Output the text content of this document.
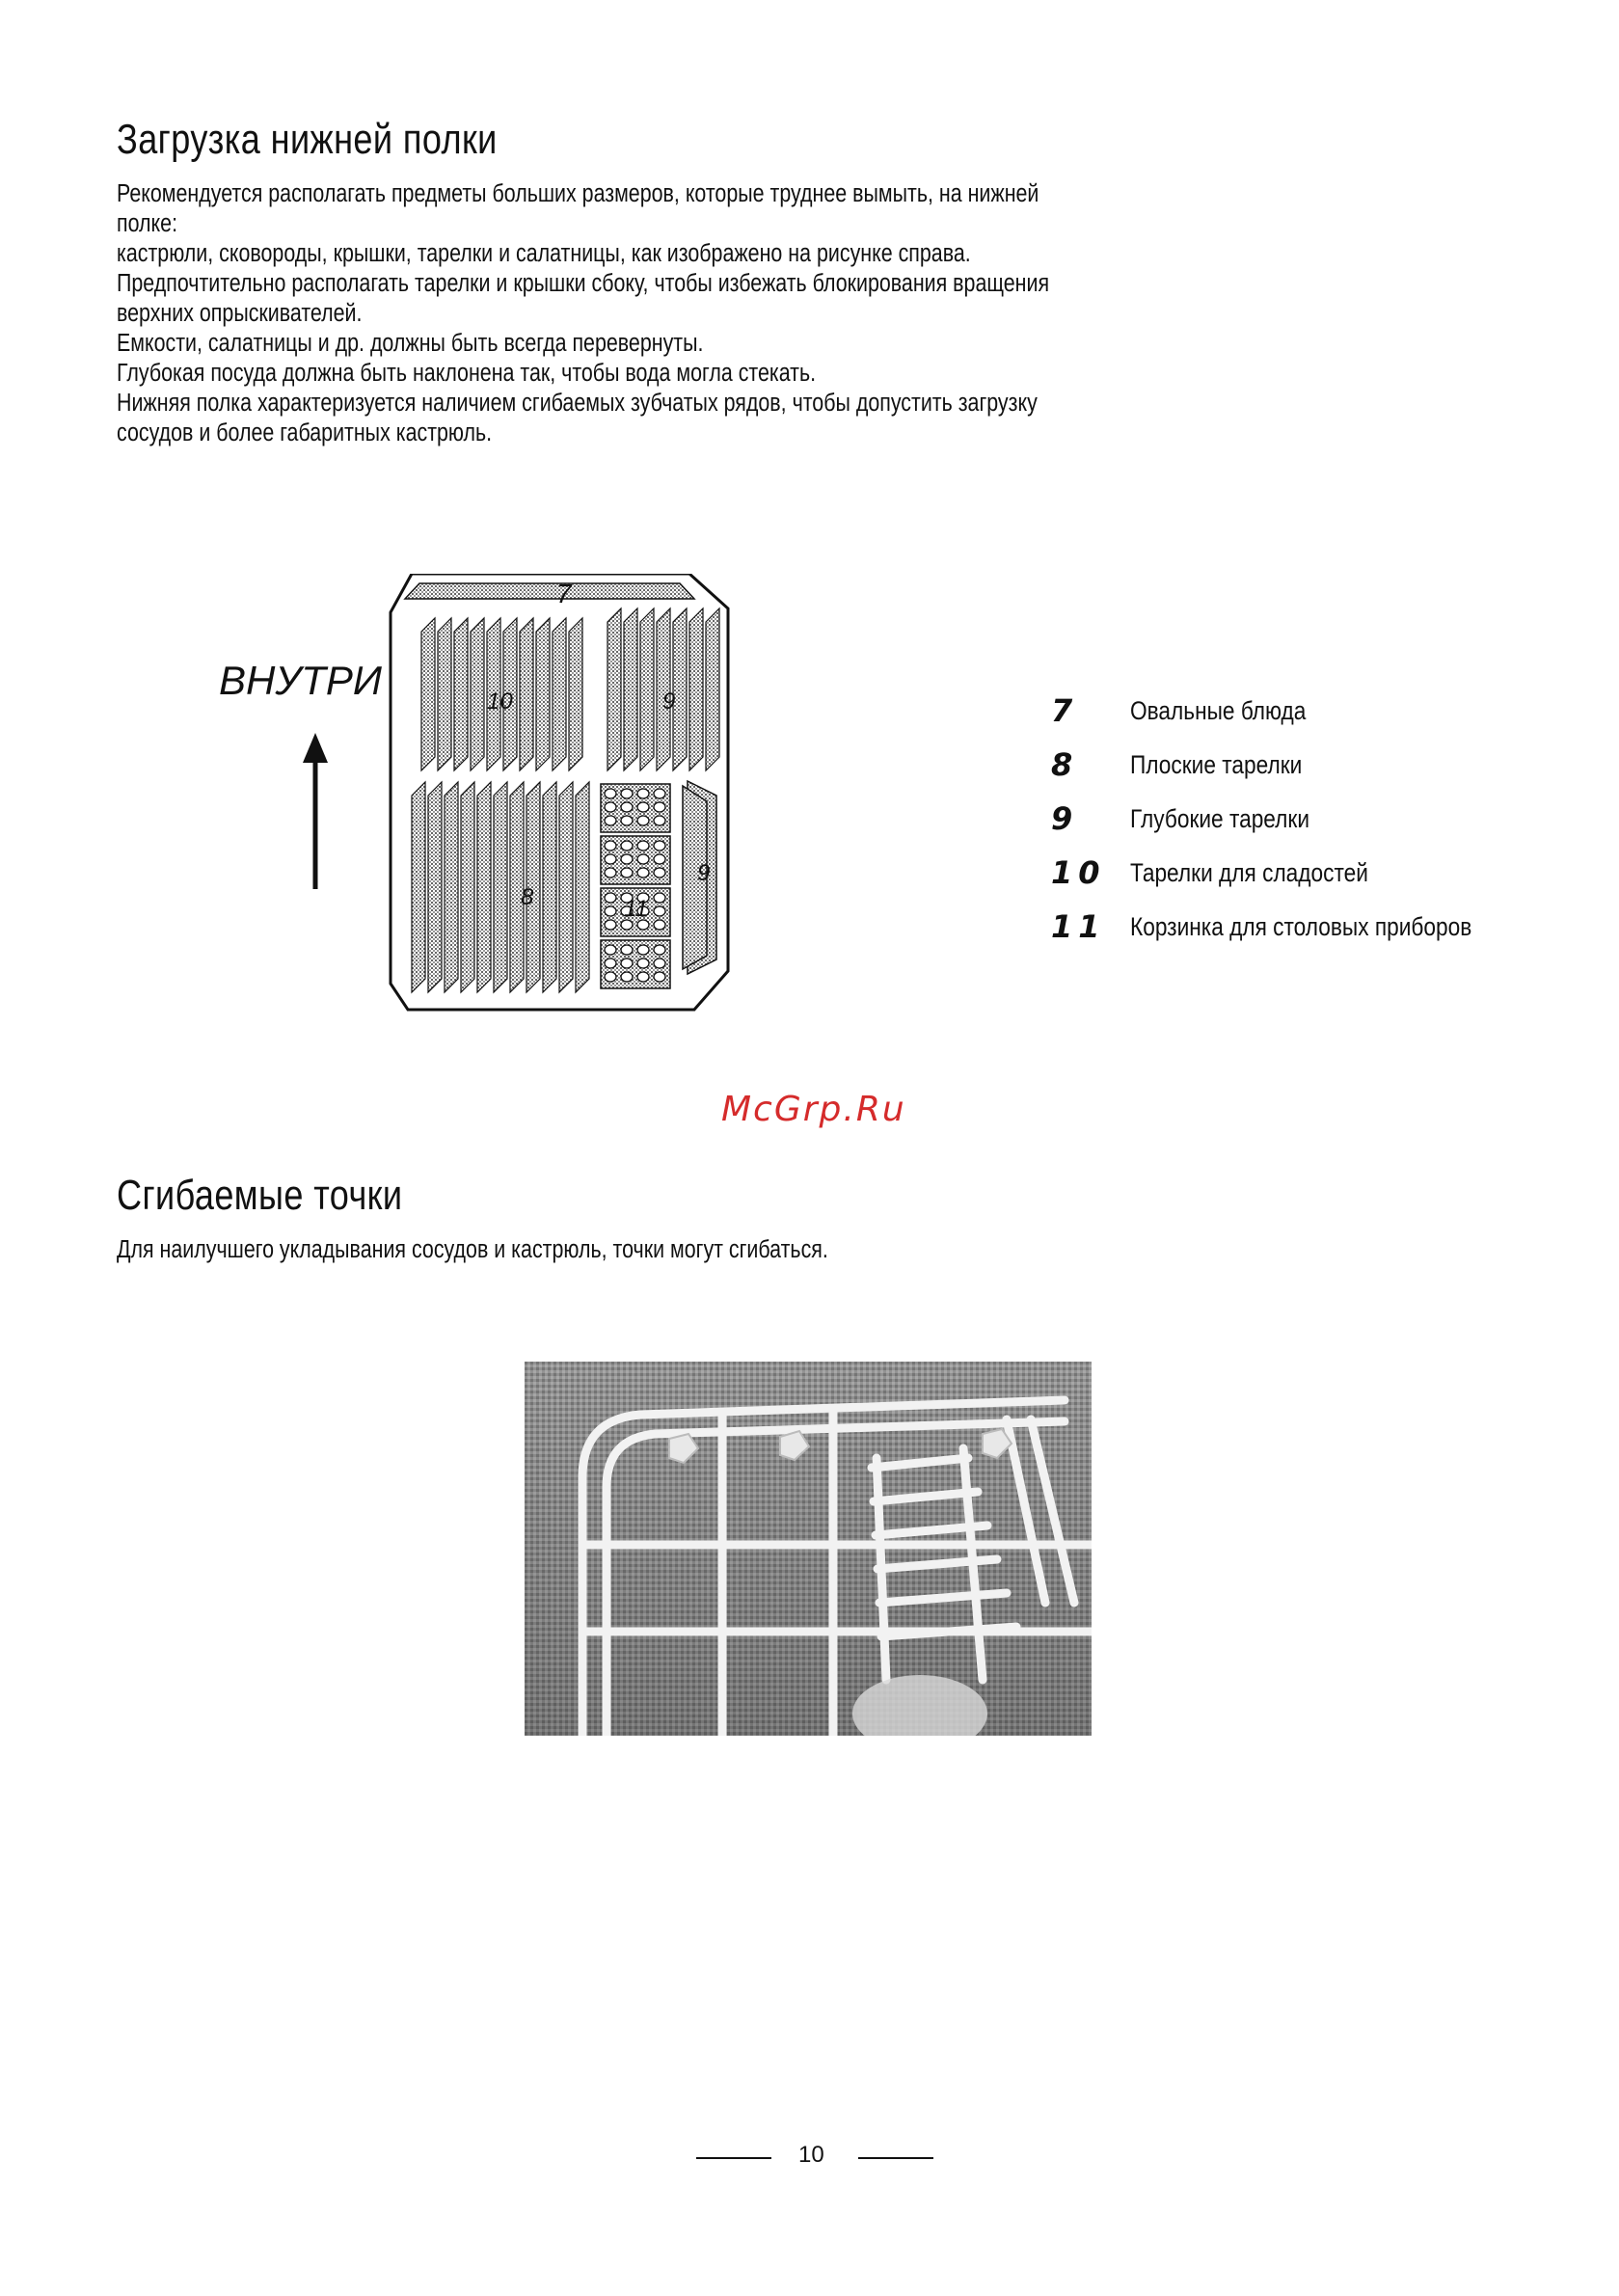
Загрузка нижней полки
Рекомендуется располагать предметы больших размеров, которые труднее вымыть, на нижней
полке:
кастрюли, сковороды, крышки, тарелки и салатницы, как изображено на рисунке справа.
Предпочтительно располагать тарелки и крышки сбоку, чтобы избежать блокирования вращения
верхних опрыскивателей.
Емкости, салатницы и др. должны быть всегда перевернуты.
Глубокая посуда должна быть наклонена так, чтобы вода могла стекать.
Нижняя полка характеризуется наличием сгибаемых зубчатых рядов, чтобы допустить загрузку
сосудов и более габаритных кастрюль.
ВНУТРИ
7
10	9
8	11
9
7	Овальные блюда
8	Плоские тарелки
9	Глубокие тарелки
10 Тарелки для сладостей
11 Корзинка для столовых приборов
McGrp.Ru
Сгибаемые точки
Для наилучшего укладывания сосудов и кастрюль, точки могут сгибаться.
10
